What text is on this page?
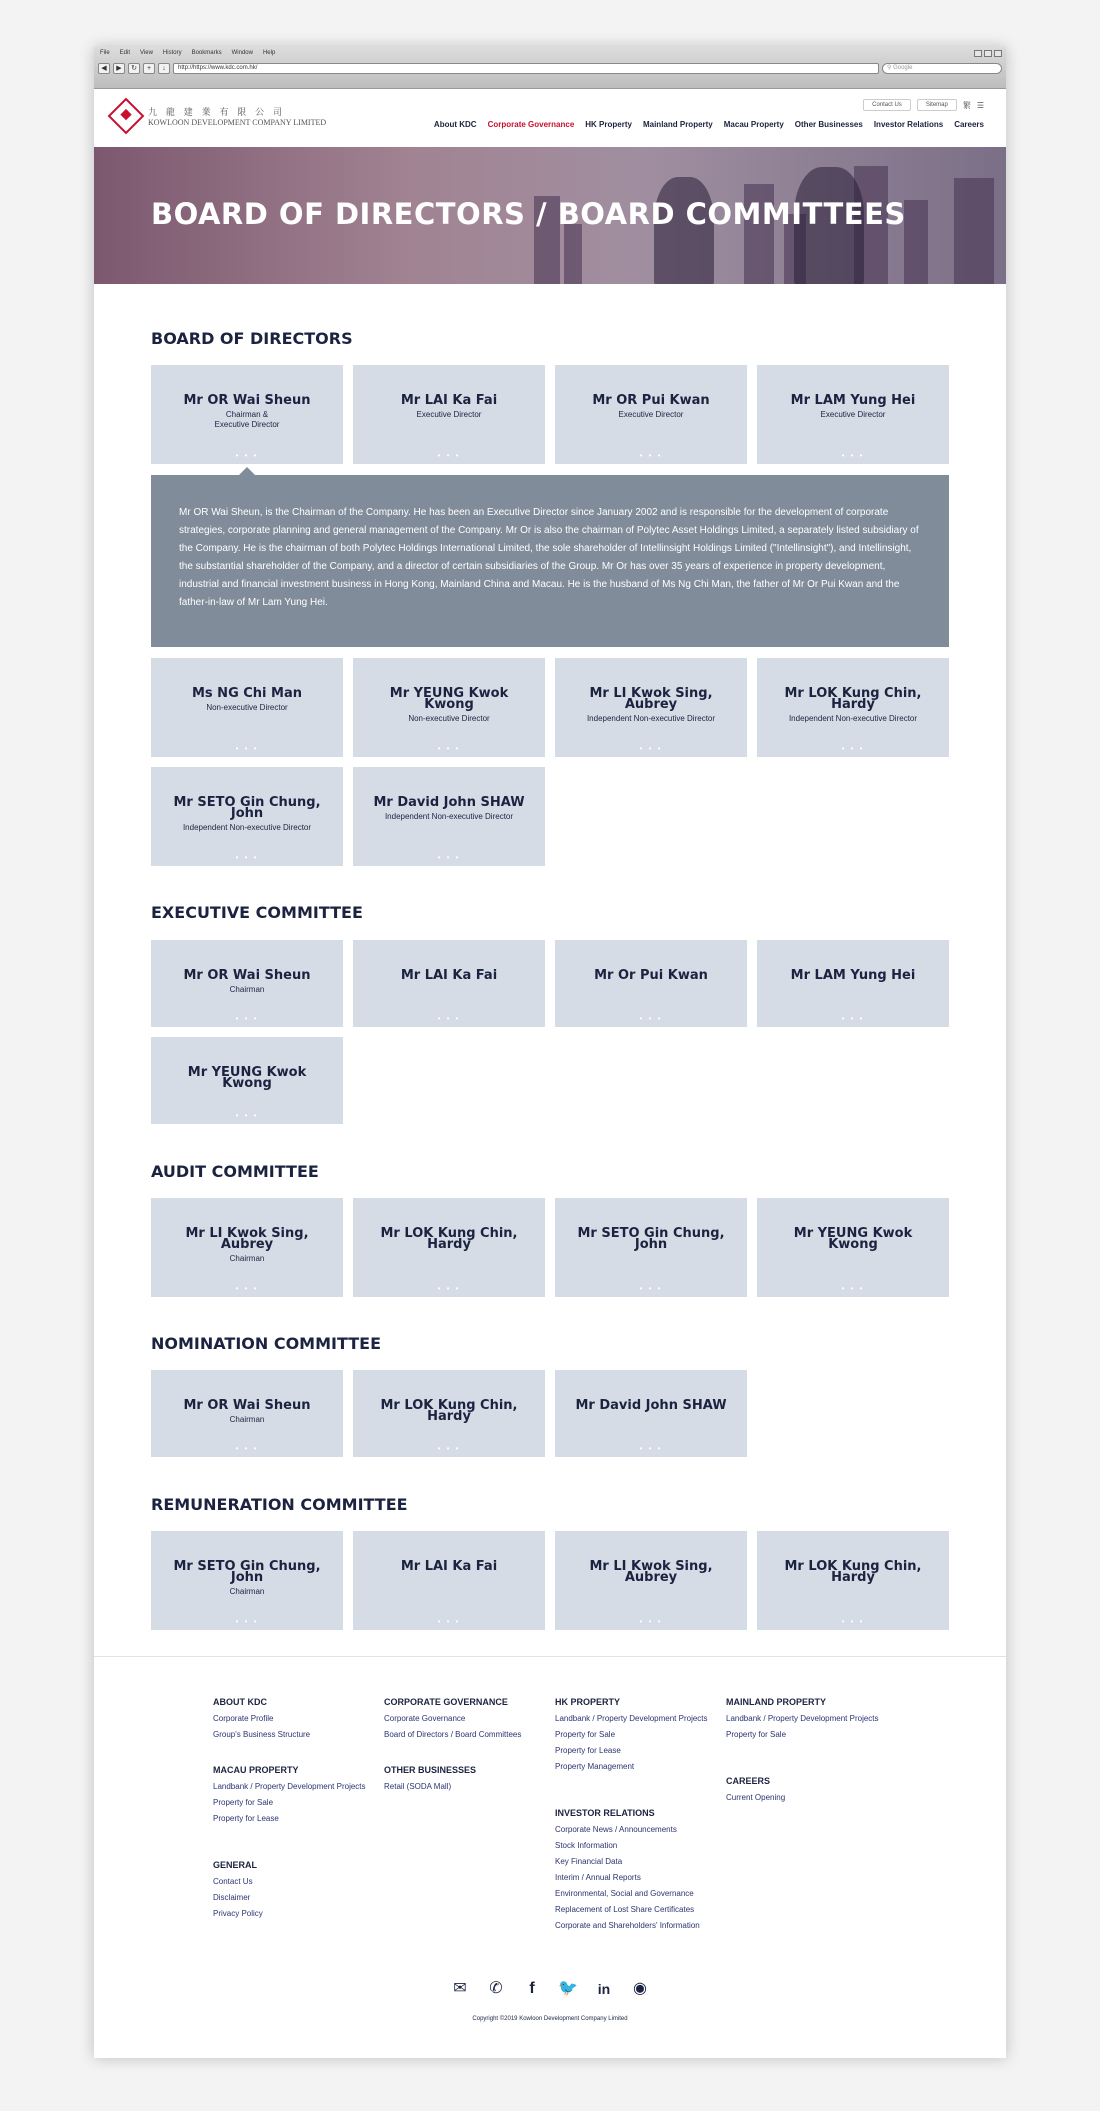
File Edit View History Bookmarks Window Help
◀	▶	↻	+	↓	http://https://www.kdc.com.hk/	⚲ Google
九 龍 建 業 有 限 公 司
KOWLOON DEVELOPMENT COMPANY LIMITED
Contact Us	Sitemap	繁 ☰
About KDC Corporate Governance HK Property Mainland Property Macau Property Other Businesses Investor Relations Careers
BOARD OF DIRECTORS / BOARD COMMITTEES
BOARD OF DIRECTORS
Mr OR Wai Sheun
Chairman &
Executive Director
• • •
Mr LAI Ka Fai
Executive Director
• • •
Mr OR Pui Kwan
Executive Director
• • •
Mr LAM Yung Hei
Executive Director
• • •

Mr OR Wai Sheun, is the Chairman of the Company. He has been an Executive Director since January 2002 and is responsible for the development of corporate strategies, corporate planning and general management of the Company. Mr Or is also the chairman of Polytec Asset Holdings Limited, a separately listed subsidiary of the Company. He is the chairman of both Polytec Holdings International Limited, the sole shareholder of Intellinsight Holdings Limited ("Intellinsight"), and Intellinsight, the substantial shareholder of the Company, and a director of certain subsidiaries of the Group. Mr Or has over 35 years of experience in property development, industrial and financial investment business in Hong Kong, Mainland China and Macau. He is the husband of Ms Ng Chi Man, the father of Mr Or Pui Kwan and the father-in-law of Mr Lam Yung Hei.

Ms NG Chi Man
Non-executive Director
• • •
Mr YEUNG Kwok Kwong
Non-executive Director
• • •
Mr LI Kwok Sing, Aubrey
Independent Non-executive Director
• • •
Mr LOK Kung Chin, Hardy
Independent Non-executive Director
• • •
Mr SETO Gin Chung, John
Independent Non-executive Director
• • •
Mr David John SHAW
Independent Non-executive Director
• • •
EXECUTIVE COMMITTEE
Mr OR Wai Sheun
Chairman
• • •
Mr LAI Ka Fai
• • •
Mr Or Pui Kwan
• • •
Mr LAM Yung Hei
• • •
Mr YEUNG Kwok Kwong
• • •
AUDIT COMMITTEE
Mr LI Kwok Sing, Aubrey
Chairman
• • •
Mr LOK Kung Chin, Hardy
• • •
Mr SETO Gin Chung, John
• • •
Mr YEUNG Kwok Kwong
• • •
NOMINATION COMMITTEE
Mr OR Wai Sheun
Chairman
• • •
Mr LOK Kung Chin, Hardy
• • •
Mr David John SHAW
• • •
REMUNERATION COMMITTEE
Mr SETO Gin Chung, John
Chairman
• • •
Mr LAI Ka Fai
• • •
Mr LI Kwok Sing, Aubrey
• • •
Mr LOK Kung Chin, Hardy
• • •
ABOUT KDC
Corporate Profile
Group's Business Structure
MACAU PROPERTY
Landbank / Property Development Projects
Property for Sale
Property for Lease
GENERAL
Contact Us
Disclaimer
Privacy Policy
CORPORATE GOVERNANCE
Corporate Governance
Board of Directors / Board Committees
OTHER BUSINESSES
Retail (SODA Mall)
HK PROPERTY
Landbank / Property Development Projects
Property for Sale
Property for Lease
Property Management
INVESTOR RELATIONS
Corporate News / Announcements
Stock Information
Key Financial Data
Interim / Annual Reports
Environmental, Social and Governance
Replacement of Lost Share Certificates
Corporate and Shareholders' Information
MAINLAND PROPERTY
Landbank / Property Development Projects
Property for Sale
CAREERS
Current Opening
✉ ✆	f	🐦 in ◉
Copyright ©2019 Kowloon Development Company Limited
